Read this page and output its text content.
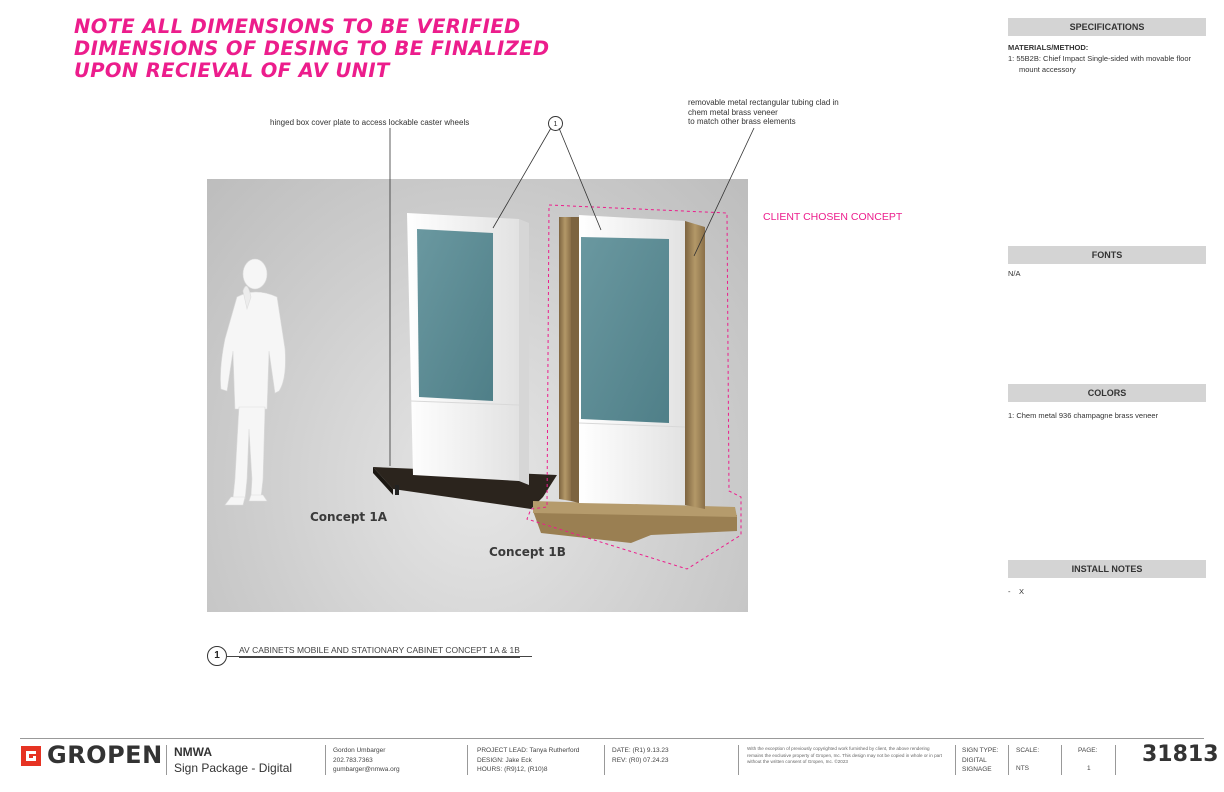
NOTE ALL DIMENSIONS TO BE VERIFIED
DIMENSIONS OF DESING TO BE FINALIZED
UPON RECIEVAL OF AV UNIT
hinged box cover plate to access lockable caster wheels
removable metal rectangular tubing clad in
chem metal brass veneer
to match other brass elements
1
CLIENT CHOSEN CONCEPT
Concept 1A
Concept 1B
1	AV CABINETS MOBILE AND STATIONARY CABINET CONCEPT 1A & 1B
SPECIFICATIONS
MATERIALS/METHOD:
1: 55B2B: Chief Impact Single-sided with movable floor
mount accessory
FONTS
N/A
COLORS
1: Chem metal 936 champagne brass veneer
INSTALL NOTES
- X
GROPEN NMWA
Sign Package - Digital
Gordon Umbarger
202.783.7363
gumbarger@nmwa.org
PROJECT LEAD: Tanya Rutherford
DESIGN: Jake Eck
HOURS: (R9)12, (R10)8
DATE: (R1) 9.13.23
REV: (R0) 07.24.23
With the exception of previously copyrighted work furnished by client, the above rendering remains the exclusive property of Gropen, Inc. This design may not be copied in whole or in part without the written consent of Gropen, Inc. ©2023
SIGN TYPE:
DIGITAL
SIGNAGE
SCALE:
NTS
PAGE:
1
31813
